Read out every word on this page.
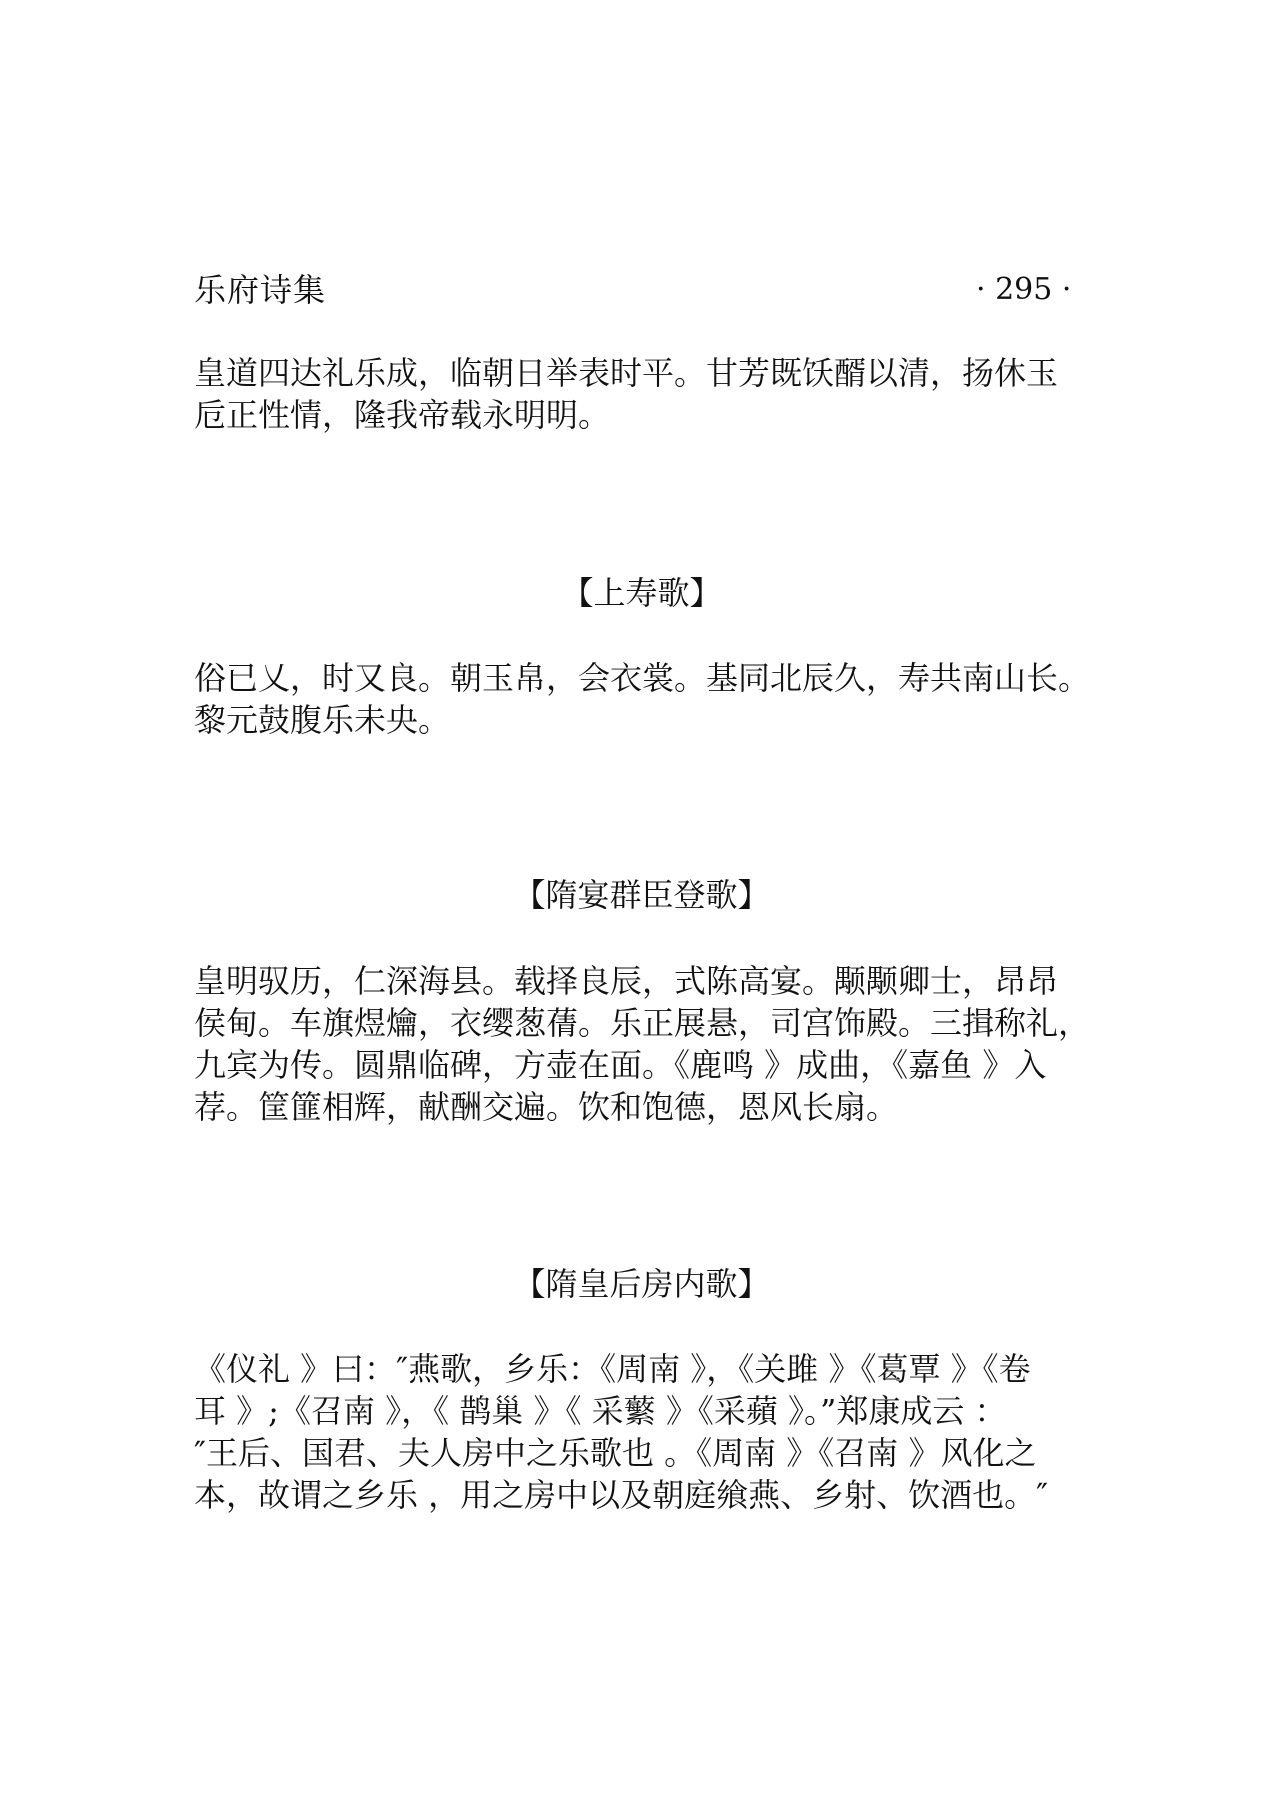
乐府诗集	· 295 ·

皇道四达礼乐成，临朝日举表时平。甘芳既饫醑以清，扬休玉
卮正性情，隆我帝载永明明。

【上寿歌】

俗已乂，时又良。朝玉帛，会衣裳。基同北辰久，寿共南山长。
黎元鼓腹乐未央。

【隋宴群臣登歌】

皇明驭历，仁深海县。载择良辰，式陈高宴。颙颙卿士，昂昂
侯甸。车旗煜爚，衣缨葱蒨。乐正展悬，司宫饰殿。三揖称礼，
九宾为传。圆鼎临碑，方壶在面。《鹿鸣 》成曲，《嘉鱼 》入
荐。筐篚相辉，献酬交遍。饮和饱德，恩风长扇。

【隋皇后房内歌】

《仪礼 》曰：″燕歌，乡乐：《周南 》，《关雎 》《葛覃 》《卷
耳 》;《召南 》，《 鹊巢 》《 采蘩 》《采蘋 》。”郑康成云 ：
″王后、国君、夫人房中之乐歌也 。《周南 》《召南 》风化之
本，故谓之乡乐 ，用之房中以及朝庭飨燕、乡射、饮酒也。″
